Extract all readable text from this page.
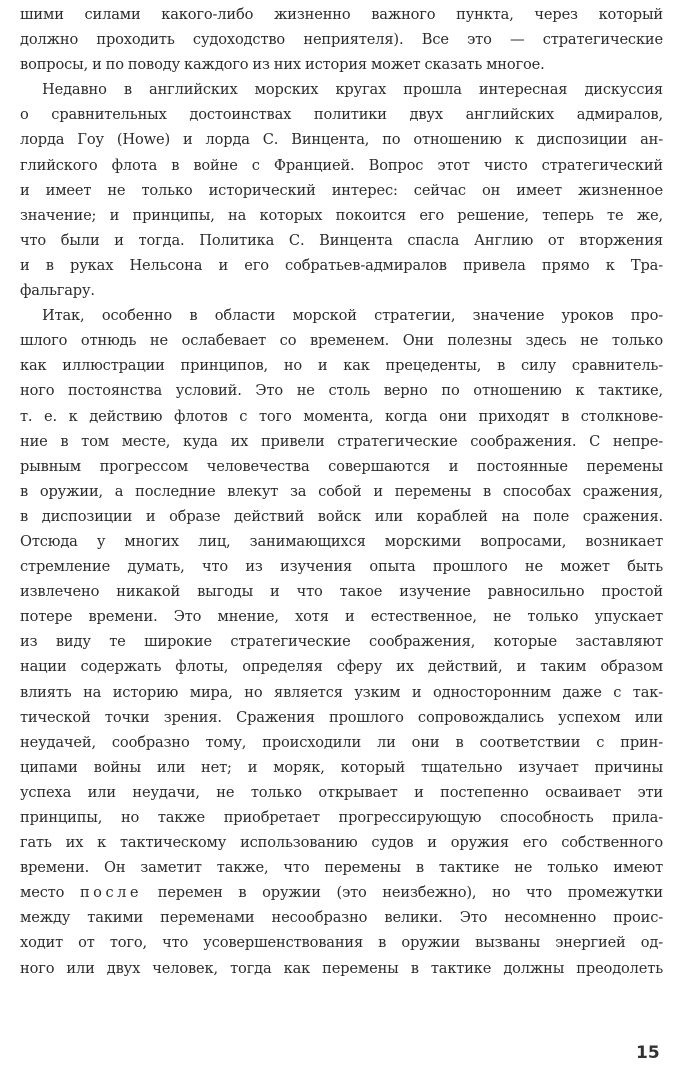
шими силами какого-либо жизненно важного пункта, через который
должно проходить судоходство неприятеля). Все это — стратегические
вопросы, и по поводу каждого из них история может сказать многое.
Недавно в английских морских кругах прошла интересная дискуссия
о сравнительных достоинствах политики двух английских адмиралов,
лорда Гоу (Howe) и лорда С. Винцента, по отношению к диспозиции ан-
глийского флота в войне с Францией. Вопрос этот чисто стратегический
и имеет не только исторический интерес: сейчас он имеет жизненное
значение; и принципы, на которых покоится его решение, теперь те же,
что были и тогда. Политика С. Винцента спасла Англию от вторжения
и в руках Нельсона и его собратьев-адмиралов привела прямо к Тра-
фальгару.
Итак, особенно в области морской стратегии, значение уроков про-
шлого отнюдь не ослабевает со временем. Они полезны здесь не только
как иллюстрации принципов, но и как прецеденты, в силу сравнитель-
ного постоянства условий. Это не столь верно по отношению к тактике,
т. е. к действию флотов с того момента, когда они приходят в столкнове-
ние в том месте, куда их привели стратегические соображения. С непре-
рывным прогрессом человечества совершаются и постоянные перемены
в оружии, а последние влекут за собой и перемены в способах сражения,
в диспозиции и образе действий войск или кораблей на поле сражения.
Отсюда у многих лиц, занимающихся морскими вопросами, возникает
стремление думать, что из изучения опыта прошлого не может быть
извлечено никакой выгоды и что такое изучение равносильно простой
потере времени. Это мнение, хотя и естественное, не только упускает
из виду те широкие стратегические соображения, которые заставляют
нации содержать флоты, определяя сферу их действий, и таким образом
влиять на историю мира, но является узким и односторонним даже с так-
тической точки зрения. Сражения прошлого сопровождались успехом или
неудачей, сообразно тому, происходили ли они в соответствии с прин-
ципами войны или нет; и моряк, который тщательно изучает причины
успеха или неудачи, не только открывает и постепенно осваивает эти
принципы, но также приобретает прогрессирующую способность прила-
гать их к тактическому использованию судов и оружия его собственного
времени. Он заметит также, что перемены в тактике не только имеют
место после перемен в оружии (это неизбежно), но что промежутки
между такими переменами несообразно велики. Это несомненно проис-
ходит от того, что усовершенствования в оружии вызваны энергией од-
ного или двух человек, тогда как перемены в тактике должны преодолеть
15
